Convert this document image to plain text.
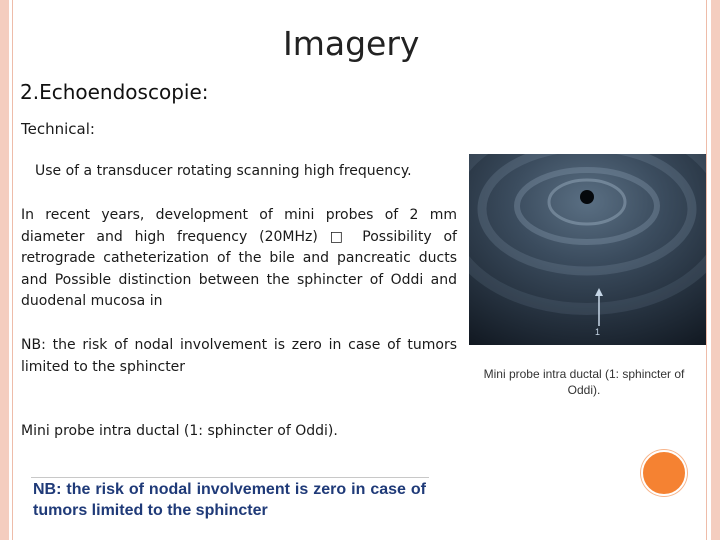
Imagery
2.Echoendoscopie:
Technical:
Use of a transducer rotating scanning high frequency.

In recent years, development of mini probes of 2 mm diameter and high frequency (20MHz) □ Possibility of retrograde catheterization of the bile and pancreatic ducts and Possible distinction between the sphincter of Oddi and duodenal mucosa in

NB: the risk of nodal involvement is zero in case of tumors limited to the sphincter

Mini probe intra ductal (1: sphincter of Oddi).

NB: the risk of nodal involvement is zero in case of tumors limited to the sphincter

1
Mini probe intra ductal (1: sphincter of Oddi).
